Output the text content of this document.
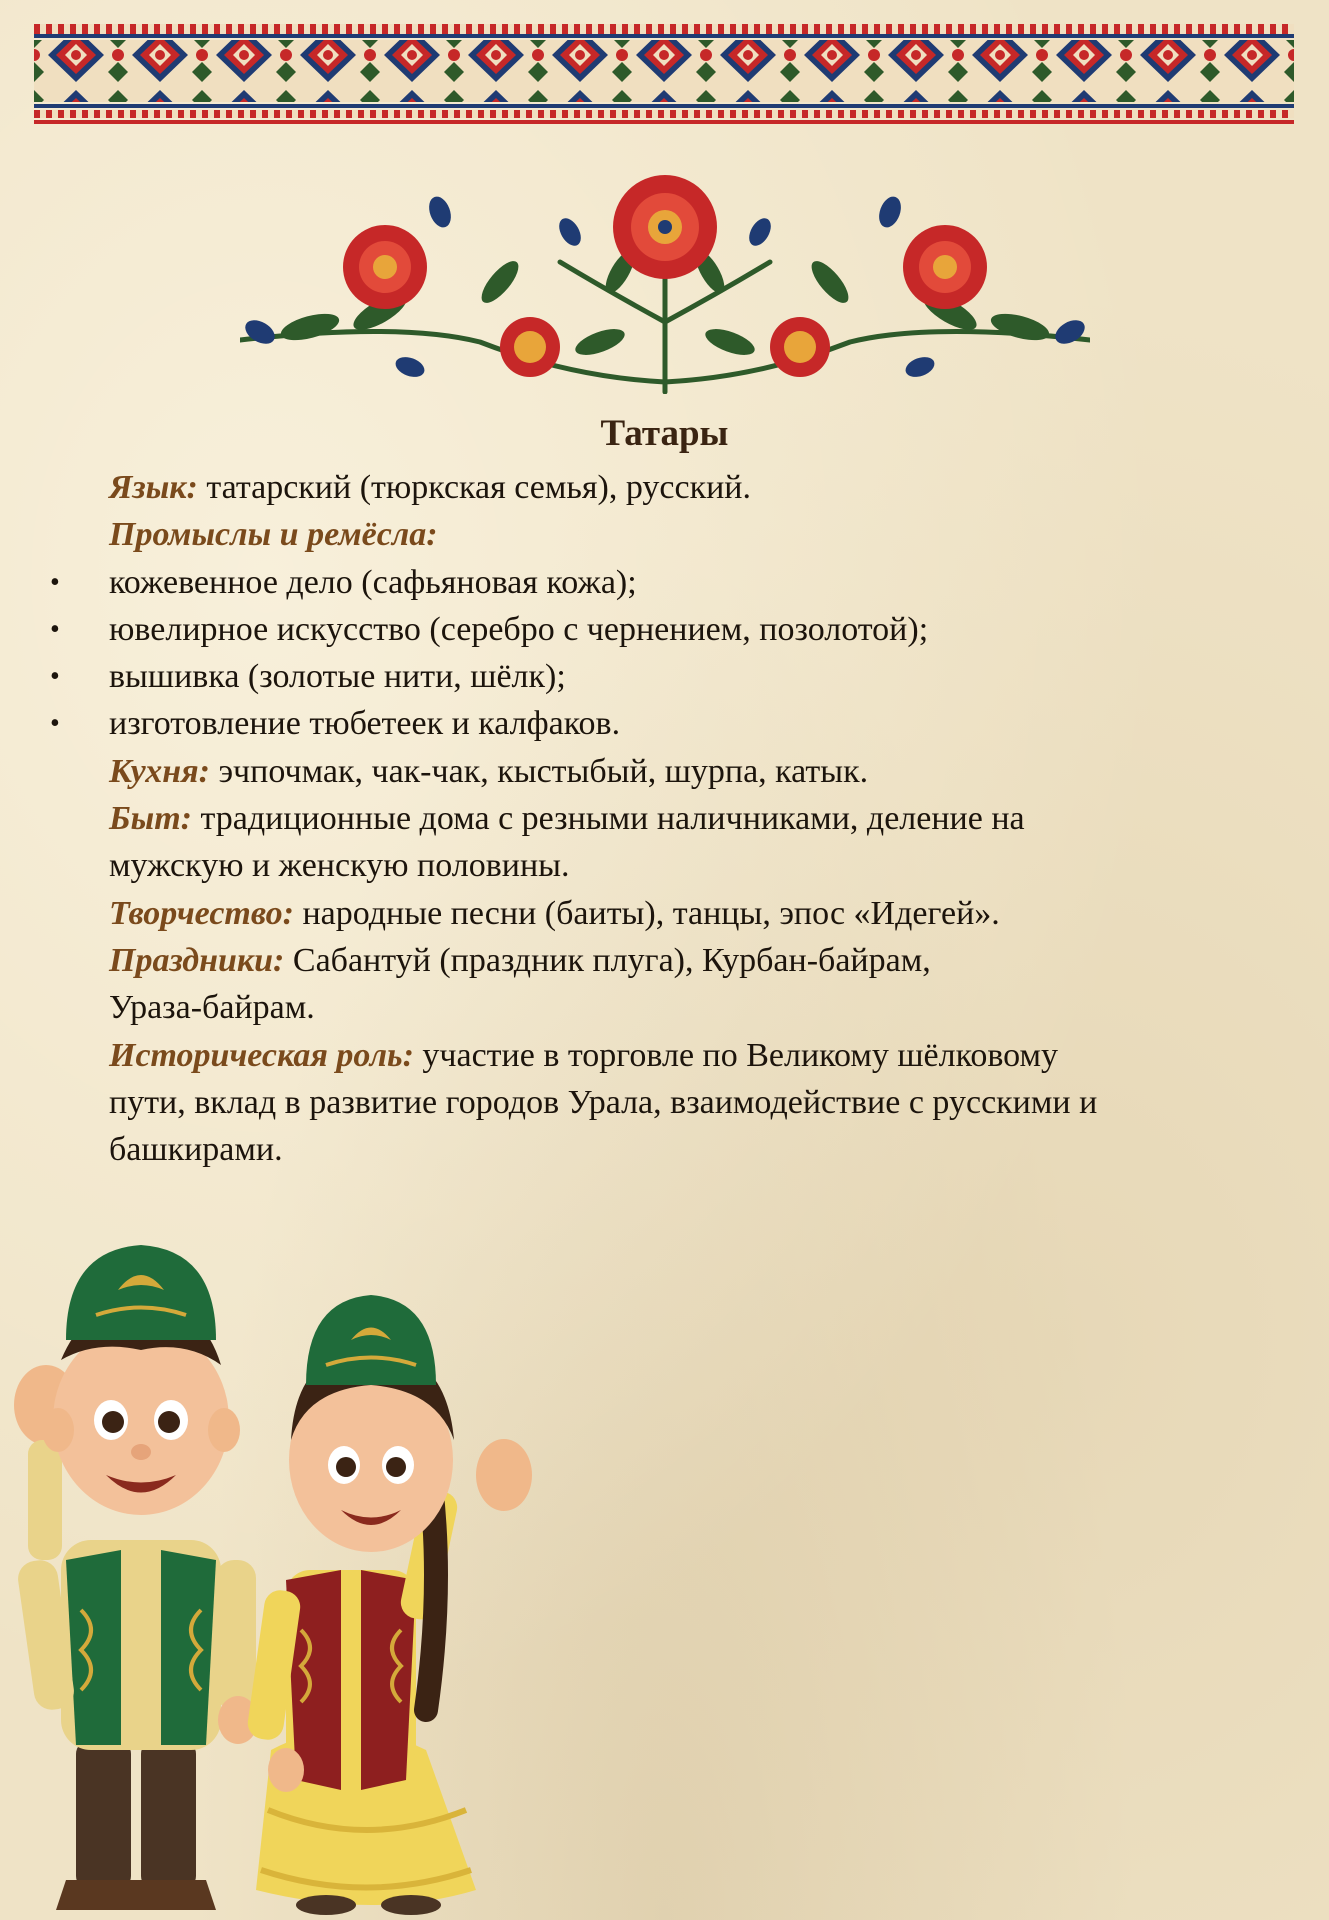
Татары
Язык: татарский (тюркская семья), русский.
Промыслы и ремёсла:
• кожевенное дело (сафьяновая кожа);
• ювелирное искусство (серебро с чернением, позолотой);
• вышивка (золотые нити, шёлк);
• изготовление тюбетеек и калфаков.
Кухня: эчпочмак, чак-чак, кыстыбый, шурпа, катык.
Быт: традиционные дома с резными наличниками, деление на
мужскую и женскую половины.
Творчество: народные песни (баиты), танцы, эпос «Идегей».
Праздники: Сабантуй (праздник плуга), Курбан-байрам,
Ураза-байрам.
Историческая роль: участие в торговле по Великому шёлковому
пути, вклад в развитие городов Урала, взаимодействие с русскими и
башкирами.
